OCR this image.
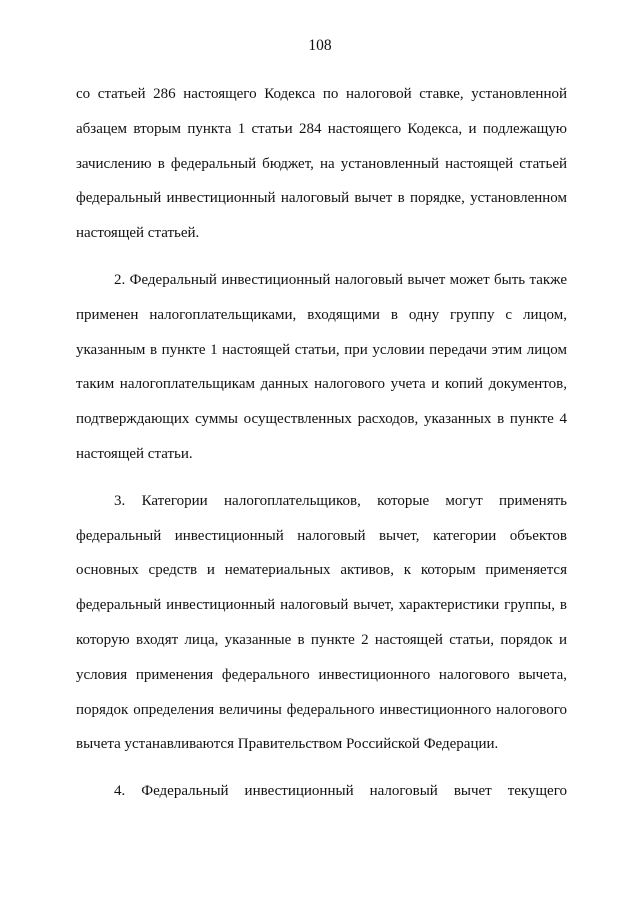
108

со статьей 286 настоящего Кодекса по налоговой ставке, установленной абзацем вторым пункта 1 статьи 284 настоящего Кодекса, и подлежащую зачислению в федеральный бюджет, на установленный настоящей статьей федеральный инвестиционный налоговый вычет в порядке, установленном настоящей статьей.

2. Федеральный инвестиционный налоговый вычет может быть также применен налогоплательщиками, входящими в одну группу с лицом, указанным в пункте 1 настоящей статьи, при условии передачи этим лицом таким налогоплательщикам данных налогового учета и копий документов, подтверждающих суммы осуществленных расходов, указанных в пункте 4 настоящей статьи.

3. Категории налогоплательщиков, которые могут применять федеральный инвестиционный налоговый вычет, категории объектов основных средств и нематериальных активов, к которым применяется федеральный инвестиционный налоговый вычет, характеристики группы, в которую входят лица, указанные в пункте 2 настоящей статьи, порядок и условия применения федерального инвестиционного налогового вычета, порядок определения величины федерального инвестиционного налогового вычета устанавливаются Правительством Российской Федерации.

4. Федеральный инвестиционный налоговый вычет текущего
